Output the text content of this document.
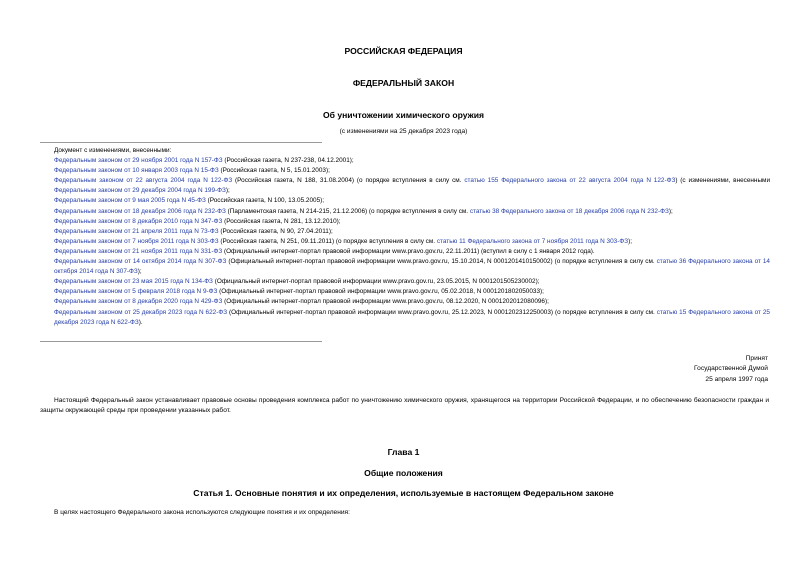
РОССИЙСКАЯ ФЕДЕРАЦИЯ
ФЕДЕРАЛЬНЫЙ ЗАКОН
Об уничтожении химического оружия
(с изменениями на 25 декабря 2023 года)
Документ с изменениями, внесенными:
Федеральным законом от 29 ноября 2001 года N 157-ФЗ (Российская газета, N 237-238, 04.12.2001);
Федеральным законом от 10 января 2003 года N 15-ФЗ (Российская газета, N 5, 15.01.2003);
Федеральным законом от 22 августа 2004 года N 122-ФЗ (Российская газета, N 188, 31.08.2004) (о порядке вступления в силу см. статью 155 Федерального закона от 22 августа 2004 года N 122-ФЗ) (с изменениями, внесенными Федеральным законом от 29 декабря 2004 года N 199-ФЗ);
Федеральным законом от 9 мая 2005 года N 45-ФЗ (Российская газета, N 100, 13.05.2005);
Федеральным законом от 18 декабря 2006 года N 232-ФЗ (Парламентская газета, N 214-215, 21.12.2006) (о порядке вступления в силу см. статью 38 Федерального закона от 18 декабря 2006 года N 232-ФЗ);
Федеральным законом от 8 декабря 2010 года N 347-ФЗ (Российская газета, N 281, 13.12.2010);
Федеральным законом от 21 апреля 2011 года N 73-ФЗ (Российская газета, N 90, 27.04.2011);
Федеральным законом от 7 ноября 2011 года N 303-ФЗ (Российская газета, N 251, 09.11.2011) (о порядке вступления в силу см. статью 11 Федерального закона от 7 ноября 2011 года N 303-ФЗ);
Федеральным законом от 21 ноября 2011 года N 331-ФЗ (Официальный интернет-портал правовой информации www.pravo.gov.ru, 22.11.2011) (вступил в силу с 1 января 2012 года).
Федеральным законом от 14 октября 2014 года N 307-ФЗ (Официальный интернет-портал правовой информации www.pravo.gov.ru, 15.10.2014, N 0001201410150002) (о порядке вступления в силу см. статью 36 Федерального закона от 14 октября 2014 года N 307-ФЗ);
Федеральным законом от 23 мая 2015 года N 134-ФЗ (Официальный интернет-портал правовой информации www.pravo.gov.ru, 23.05.2015, N 0001201505230002);
Федеральным законом от 5 февраля 2018 года N 9-ФЗ (Официальный интернет-портал правовой информации www.pravo.gov.ru, 05.02.2018, N 0001201802050033);
Федеральным законом от 8 декабря 2020 года N 429-ФЗ (Официальный интернет-портал правовой информации www.pravo.gov.ru, 08.12.2020, N 0001202012080096);
Федеральным законом от 25 декабря 2023 года N 622-ФЗ (Официальный интернет-портал правовой информации www.pravo.gov.ru, 25.12.2023, N 0001202312250003) (о порядке вступления в силу см. статью 15 Федерального закона от 25 декабря 2023 года N 622-ФЗ).
Принят
Государственной Думой
25 апреля 1997 года
Настоящий Федеральный закон устанавливает правовые основы проведения комплекса работ по уничтожению химического оружия, хранящегося на территории Российской Федерации, и по обеспечению безопасности граждан и защиты окружающей среды при проведении указанных работ.
Глава 1
Общие положения
Статья 1. Основные понятия и их определения, используемые в настоящем Федеральном законе
В целях настоящего Федерального закона используются следующие понятия и их определения:
